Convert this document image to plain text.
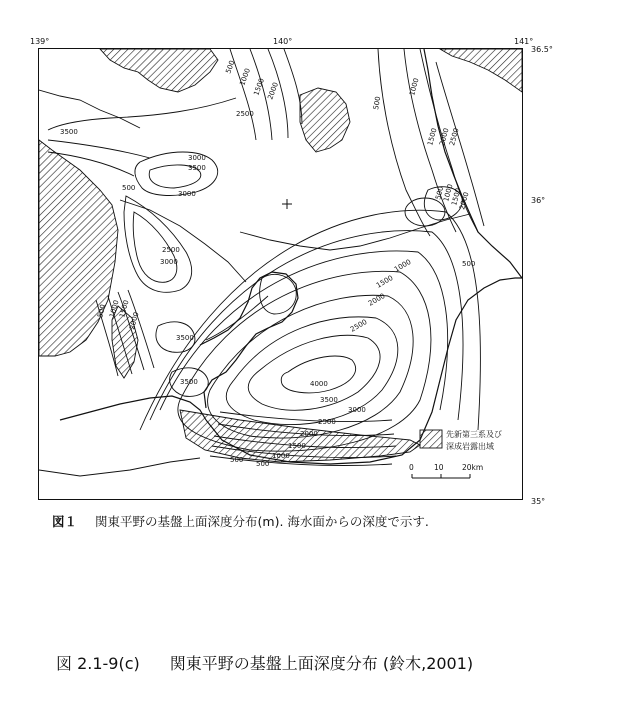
139°	140°	141°
36.5°
36°
35°
500
1000
1500 2000
2500
3000
3500
3000
3500
2500
3000
500 1000
1500
2000
3500
3500	4000
3500
3000
2500
2000
1500
1000	500
2500
2000
1500
1000
500
500
1000
1500 2000
2500
500
1000
1500
2000
500
500
先新第三系及び
深成岩露出域
0	10 20km
図１ 関東平野の基盤上面深度分布(m). 海水面からの深度で示す.
図 2.1-9(c) 関東平野の基盤上面深度分布 (鈴木,2001)
